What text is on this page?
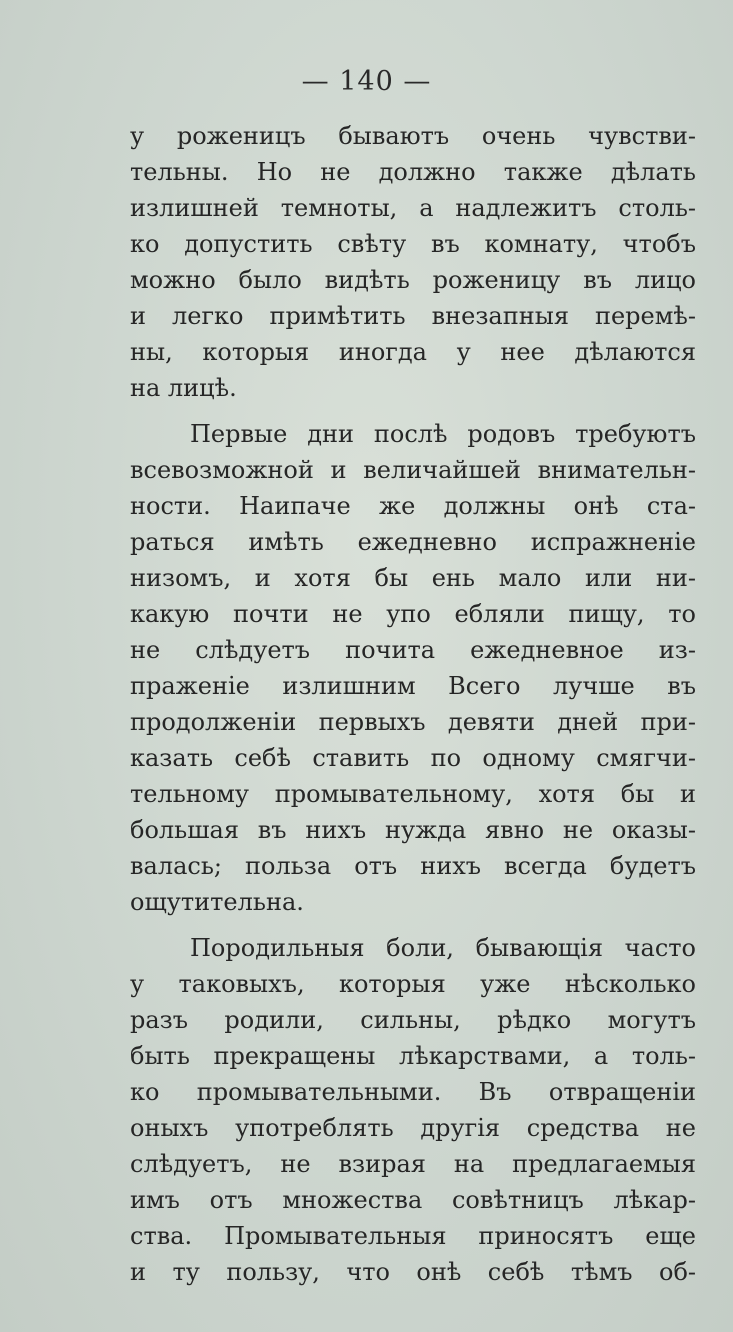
— 140 —
у роженицъ бываютъ очень чувстви-
тельны. Но не должно также дѣлать
излишней темноты, а надлежитъ столь-
ко допустить свѣту въ комнату, чтобъ
можно было видѣть роженицу въ лицо
и легко примѣтить внезапныя перемѣ-
ны, которыя иногда у нее дѣлаются
на лицѣ.
Первые дни послѣ родовъ требуютъ
всевозможной и величайшей внимательн-
ности. Наипаче же должны онѣ ста-
раться имѣть ежедневно испражненіе
низомъ, и хотя бы ень мало или ни-
какую почти не упо ебляли пищу, то
не слѣдуетъ почита ежедневное из-
праженіе излишним Всего лучше въ
продолженіи первыхъ девяти дней при-
казать себѣ ставить по одному смягчи-
тельному промывательному, хотя бы и
большая въ нихъ нужда явно не оказы-
валась; польза отъ нихъ всегда будетъ
ощутительна.
Породильныя боли, бывающія часто
у таковыхъ, которыя уже нѣсколько
разъ родили, сильны, рѣдко могутъ
быть прекращены лѣкарствами, а толь-
ко промывательными. Въ отвращеніи
оныхъ употреблять другія средства не
слѣдуетъ, не взирая на предлагаемыя
имъ отъ множества совѣтницъ лѣкар-
ства. Промывательныя приносятъ еще
и ту пользу, что онѣ себѣ тѣмъ об-
